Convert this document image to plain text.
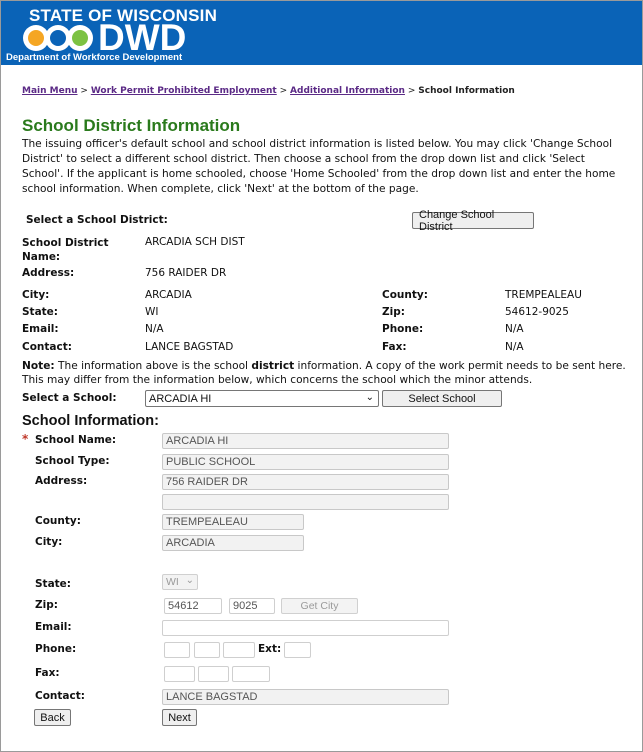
STATE OF WISCONSIN
DWD
Department of Workforce Development
Main Menu > Work Permit Prohibited Employment > Additional Information > School Information
School District Information
The issuing officer's default school and school district information is listed below. You may click 'Change School District' to select a different school district. Then choose a school from the drop down list and click 'Select School'. If the applicant is home schooled, choose 'Home Schooled' from the drop down list and enter the home school information. When complete, click 'Next' at the bottom of the page.
Select a School District:	Change School District
School District Name:
ARCADIA SCH DIST
Address:	756 RAIDER DR
City:	ARCADIA	County:	TREMPEALEAU
State:	WI	Zip:	54612-9025
Email:	N/A	Phone:	N/A
Contact:	LANCE BAGSTAD	Fax:	N/A
Note: The information above is the school district information. A copy of the work permit needs to be sent here. This may differ from the information below, which concerns the school which the minor attends.
Select a School:	ARCADIA HI	⌄	Select School
School Information:
* School Name:	ARCADIA HI
School Type:	PUBLIC SCHOOL
Address:	756 RAIDER DR
County:	TREMPEALEAU
City:	ARCADIA
State:	WI ⌄
Zip:	54612	9025	Get City
Email:
Phone:	Ext:
Fax:
Contact:	LANCE BAGSTAD
Back	Next
